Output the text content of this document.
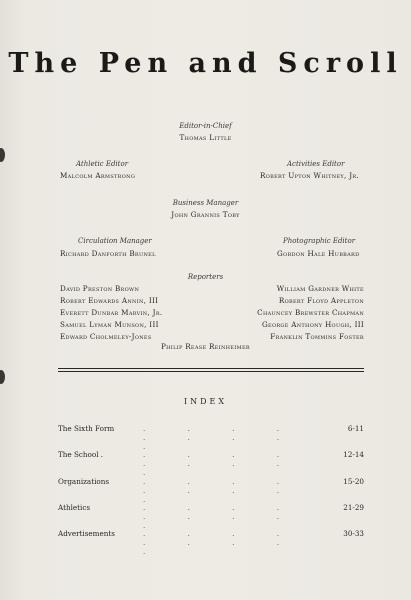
The Pen and Scroll
Editor-in-Chief
Thomas Little
Athletic Editor
Malcolm Armstrong
Activities Editor
Robert Upton Whitney, Jr.
Business Manager
John Grannis Toby
Circulation Manager
Richard Danforth Brunel
Photographic Editor
Gordon Hale Hubbard
Reporters
David Preston Brown
Robert Edwards Annin, III
Everett Dunbar Marvin, Jr.
Samuel Lyman Munson, III
Edward Cholmeley-Jones
William Gardner White
Robert Floyd Appleton
Chauncey Brewster Chapman
George Anthony Hough, III
Franklin Tommins Foster
Philip Rease Reinheimer
INDEX
The Sixth Form	. . . . . . . . .
6-11
The School .	. . . . . . . . .
12-14
Organizations	. . . . . . . . .
15-20
Athletics	. . . . . . . . .
21-29
Advertisements	. . . . . . . . .
30-33
